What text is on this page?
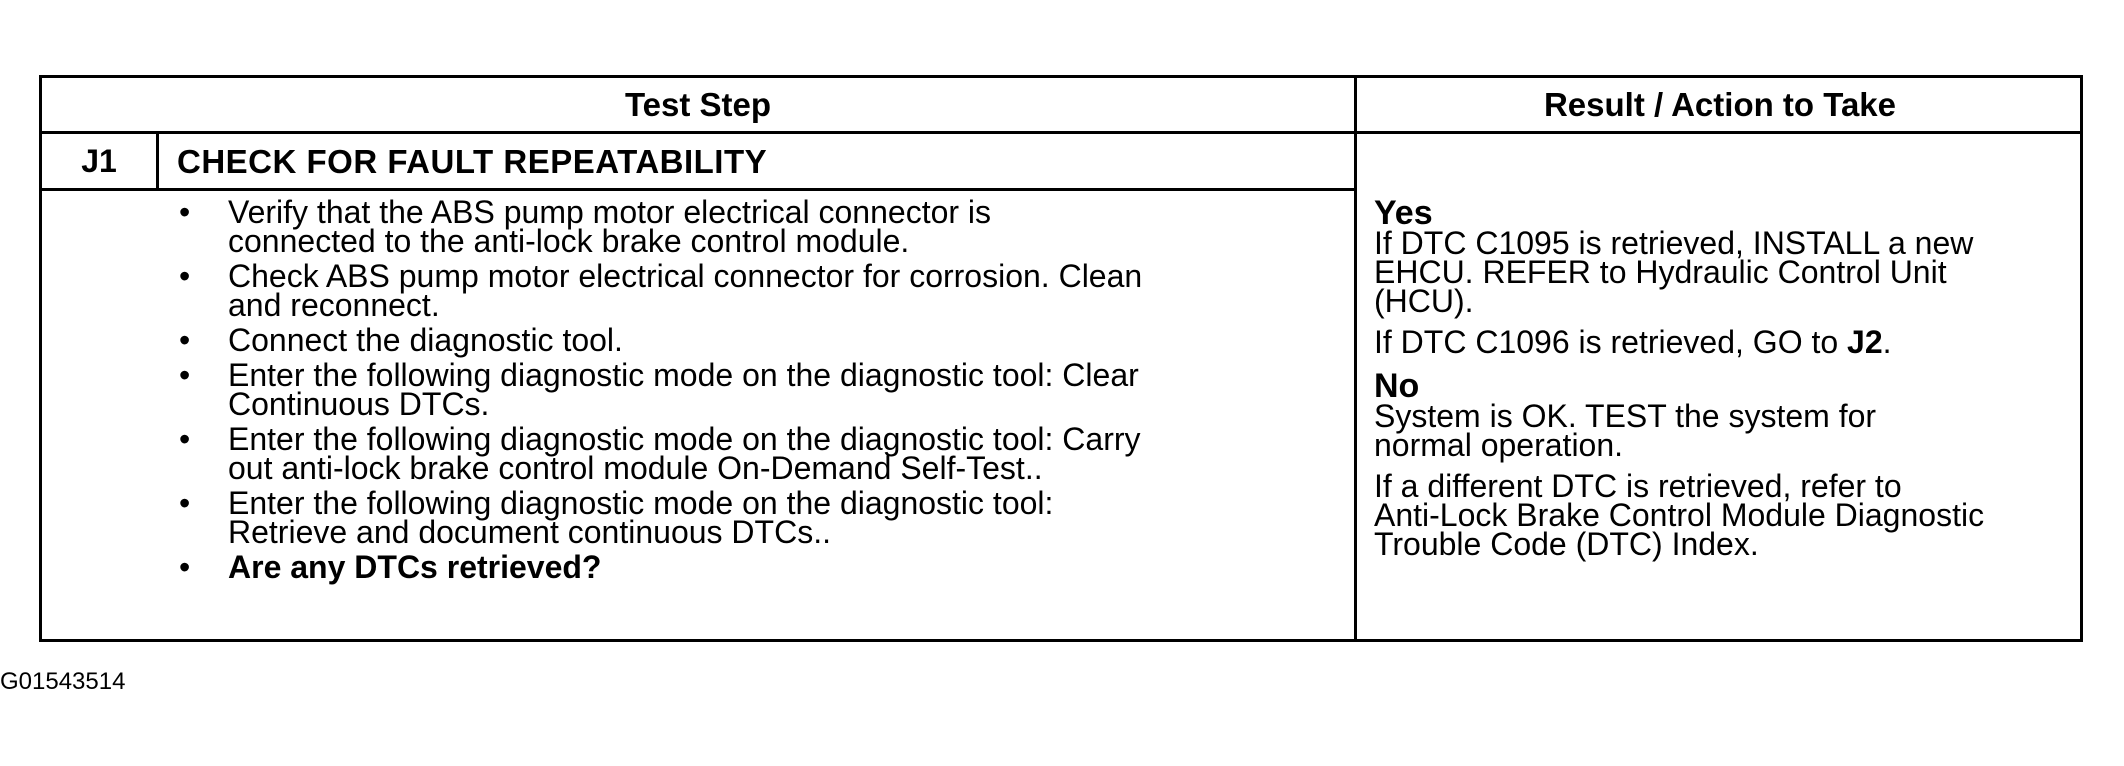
Test Step	Result / Action to Take
J1	CHECK FOR FAULT REPEATABILITY
• Verify that the ABS pump motor electrical connector is
connected to the anti-lock brake control module.
• Check ABS pump motor electrical connector for corrosion. Clean
and reconnect.
• Connect the diagnostic tool.
• Enter the following diagnostic mode on the diagnostic tool: Clear
Continuous DTCs.
• Enter the following diagnostic mode on the diagnostic tool: Carry
out anti-lock brake control module On-Demand Self-Test..
• Enter the following diagnostic mode on the diagnostic tool:
Retrieve and document continuous DTCs..
• Are any DTCs retrieved?
Yes
If DTC C1095 is retrieved, INSTALL a new
EHCU. REFER to Hydraulic Control Unit
(HCU).
If DTC C1096 is retrieved, GO to J2.
No
System is OK. TEST the system for
normal operation.
If a different DTC is retrieved, refer to
Anti-Lock Brake Control Module Diagnostic
Trouble Code (DTC) Index.
G01543514
